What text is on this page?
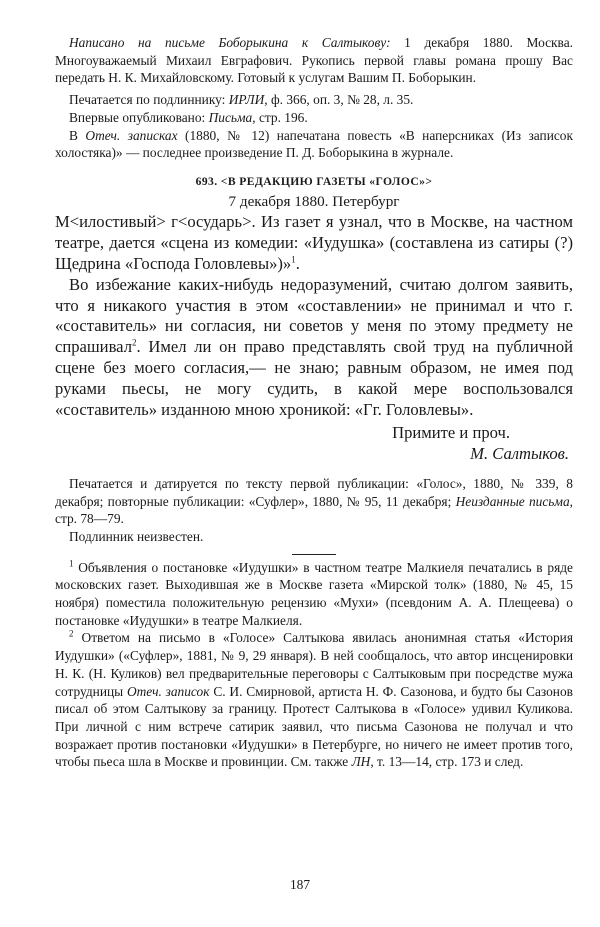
Написано на письме Боборыкина к Салтыкову: 1 декабря 1880. Москва. Многоуважаемый Михаил Евграфович. Рукопись первой главы романа прошу Вас передать Н. К. Михайловскому. Готовый к услугам Вашим П. Боборыкин.

Печатается по подлиннику: ИРЛИ, ф. 366, оп. 3, № 28, л. 35.

Впервые опубликовано: Письма, стр. 196.

В Отеч. записках (1880, № 12) напечатана повесть «В наперсниках (Из записок холостяка)» — последнее произведение П. Д. Боборыкина в журнале.

693. <В РЕДАКЦИЮ ГАЗЕТЫ «ГОЛОС»>

7 декабря 1880. Петербург

М<илостивый> г<осударь>. Из газет я узнал, что в Москве, на частном театре, дается «сцена из комедии: «Иудушка» (составлена из сатиры (?) Щедрина «Господа Головлевы»)»$^1$.

Во избежание каких-нибудь недоразумений, считаю долгом заявить, что я никакого участия в этом «составлении» не принимал и что г. «составитель» ни согласия, ни советов у меня по этому предмету не спрашивал$^2$. Имел ли он право представлять свой труд на публичной сцене без моего согласия,— не знаю; равным образом, не имея под руками пьесы, не могу судить, в какой мере воспользовался «составитель» изданною мною хроникой: «Гг. Головлевы».

Примите и проч.

М. Салтыков.

Печатается и датируется по тексту первой публикации: «Голос», 1880, № 339, 8 декабря; повторные публикации: «Суфлер», 1880, № 95, 11 декабря; Неизданные письма, стр. 78—79.

Подлинник неизвестен.

$^1$ Объявления о постановке «Иудушки» в частном театре Малкиеля печатались в ряде московских газет. Выходившая же в Москве газета «Мирской толк» (1880, № 45, 15 ноября) поместила положительную рецензию «Мухи» (псевдоним А. А. Плещеева) о постановке «Иудушки» в театре Малкиеля.

$^2$ Ответом на письмо в «Голосе» Салтыкова явилась анонимная статья «История Иудушки» («Суфлер», 1881, № 9, 29 января). В ней сообщалось, что автор инсценировки Н. К. (Н. Куликов) вел предварительные переговоры с Салтыковым при посредстве мужа сотрудницы Отеч. записок С. И. Смирновой, артиста Н. Ф. Сазонова, и будто бы Сазонов писал об этом Салтыкову за границу. Протест Салтыкова в «Голосе» удивил Куликова. При личной с ним встрече сатирик заявил, что письма Сазонова не получал и что возражает против постановки «Иудушки» в Петербурге, но ничего не имеет против того, чтобы пьеса шла в Москве и провинции. См. также ЛН, т. 13—14, стр. 173 и след.

187
